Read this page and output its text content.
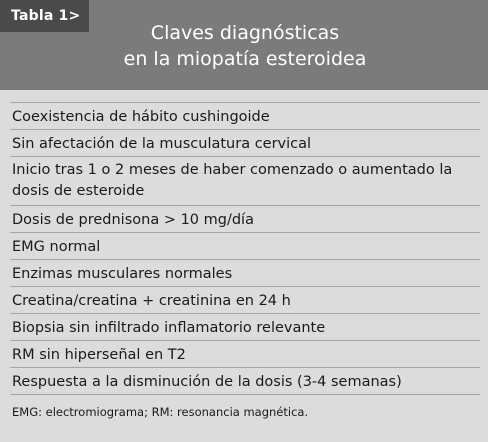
Tabla 1>
Claves diagnósticas
en la miopatía esteroidea
Coexistencia de hábito cushingoide
Sin afectación de la musculatura cervical
Inicio tras 1 o 2 meses de haber comenzado o aumentado la dosis de esteroide
Dosis de prednisona > 10 mg/día
EMG normal
Enzimas musculares normales
Creatina/creatina + creatinina en 24 h
Biopsia sin infiltrado inflamatorio relevante
RM sin hiperseñal en T2
Respuesta a la disminución de la dosis (3-4 semanas)
EMG: electromiograma; RM: resonancia magnética.
